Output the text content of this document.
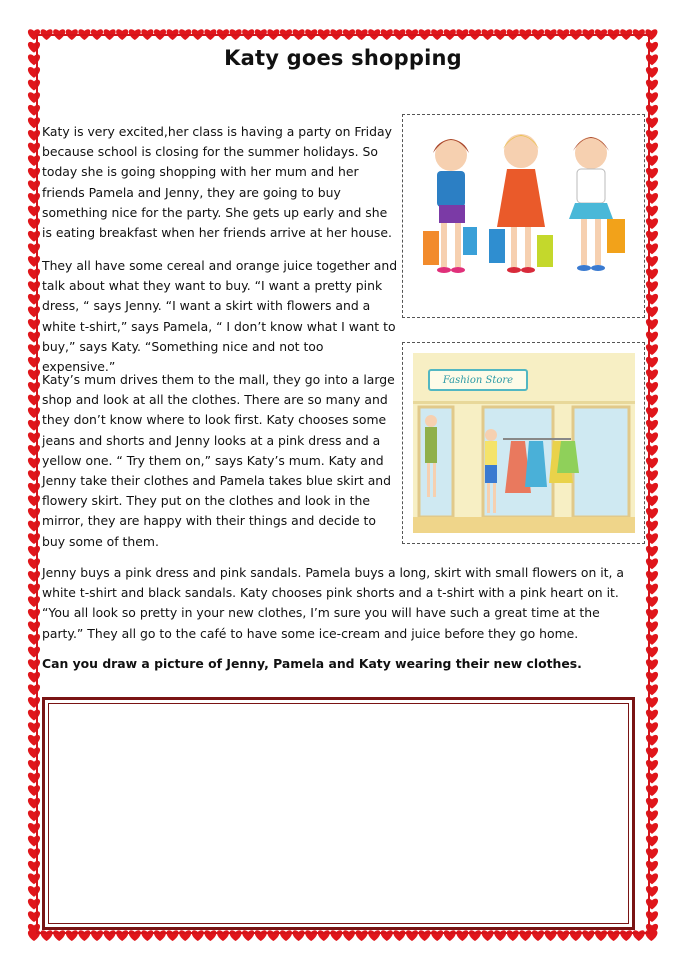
Katy goes shopping

Katy is very excited,her class is having a party on Friday because school is closing for the summer holidays. So today she is going shopping with her mum and her friends Pamela and Jenny, they are going to buy something nice for the party. She gets up early and she is eating breakfast when her friends arrive at her house.

They all have some cereal and orange juice together and talk about what they want to buy. “I want a pretty pink dress, “ says Jenny. “I want a skirt with flowers and a white t-shirt,” says Pamela, “ I don’t know what I want to buy,” says Katy. “Something nice and not too expensive.”

Katy’s mum drives them to the mall, they go into a large shop and look at all the clothes. There are so many and they don’t know where to look first. Katy chooses some jeans and shorts and Jenny looks at a pink dress and a yellow one. “ Try them on,” says Katy’s mum. Katy and Jenny take their clothes and Pamela takes blue skirt and flowery skirt. They put on the clothes and look in the mirror, they are happy with their things and decide to buy some of them.

Jenny buys a pink dress and pink sandals. Pamela buys a long, skirt with small flowers on it, a white t-shirt and black sandals. Katy chooses pink shorts and a t-shirt with a pink heart on it. “You all look so pretty in your new clothes, I’m sure you will have such a great time at the party.” They all go to the café to have some ice-cream and juice before they go home.

Can you draw a picture of Jenny, Pamela and Katy wearing their new clothes.

Fashion Store
